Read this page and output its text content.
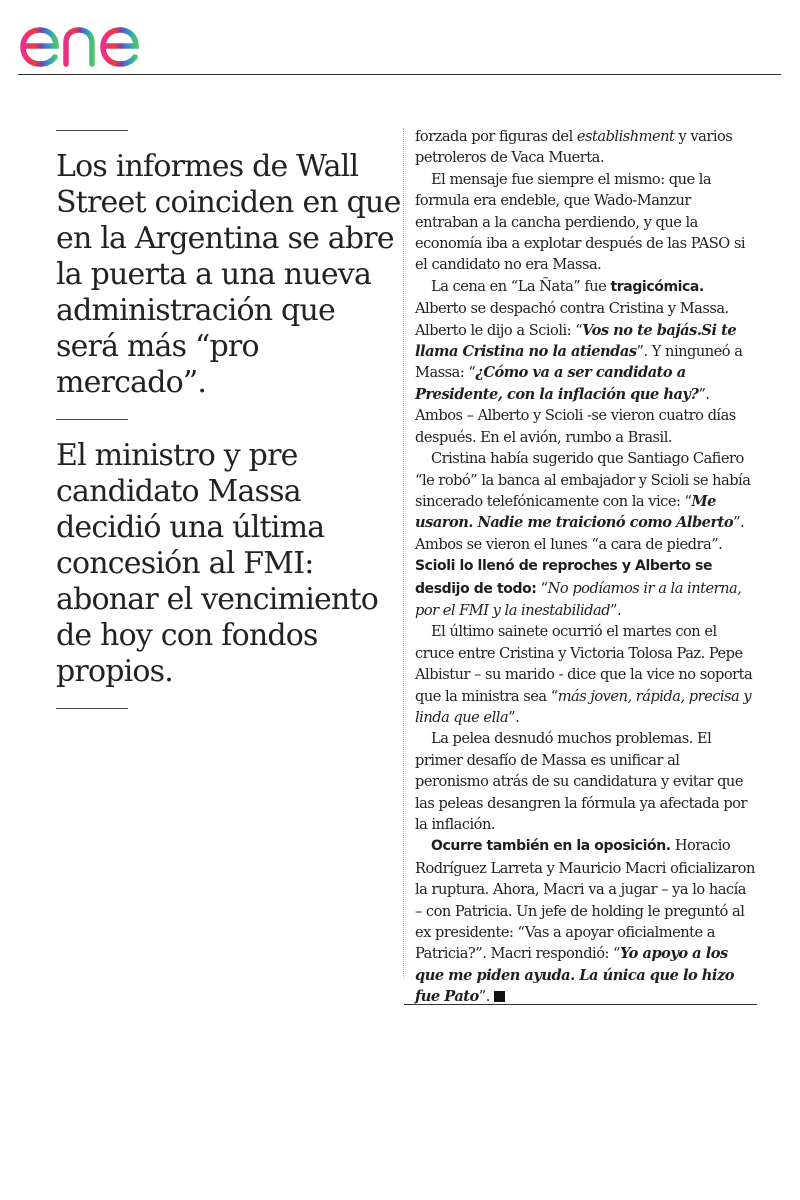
Los informes de Wall Street coinciden en que en la Argentina se abre la puerta a una nueva administración que será más “pro mercado”.

El ministro y pre candidato Massa decidió una última concesión al FMI: abonar el vencimiento de hoy con fondos propios.

forzada por figuras del establishment y varios petroleros de Vaca Muerta.

El mensaje fue siempre el mismo: que la formula era endeble, que Wado-Manzur entraban a la cancha perdiendo, y que la economía iba a explotar después de las PASO si el candidato no era Massa.

La cena en “La Ñata” fue tragicómica. Alberto se despachó contra Cristina y Massa. Alberto le dijo a Scioli: “Vos no te bajás.Si te llama Cristina no la atiendas”. Y ninguneó a Massa: “¿Cómo va a ser candidato a Presidente, con la inflación que hay?”. Ambos – Alberto y Scioli -se vieron cuatro días después. En el avión, rumbo a Brasil.

Cristina había sugerido que Santiago Cafiero “le robó” la banca al embajador y Scioli se había sincerado telefónicamente con la vice: “Me usaron. Nadie me traicionó como Alberto”. Ambos se vieron el lunes “a cara de piedra”. Scioli lo llenó de reproches y Alberto se desdijo de todo: “No podíamos ir a la interna, por el FMI y la inestabilidad”.

El último sainete ocurrió el martes con el cruce entre Cristina y Victoria Tolosa Paz. Pepe Albistur – su marido - dice que la vice no soporta que la ministra sea “más joven, rápida, precisa y linda que ella”.

La pelea desnudó muchos problemas. El primer desafío de Massa es unificar al peronismo atrás de su candidatura y evitar que las peleas desangren la fórmula ya afectada por la inflación.

Ocurre también en la oposición. Horacio Rodríguez Larreta y Mauricio Macri oficializaron la ruptura. Ahora, Macri va a jugar – ya lo hacía – con Patricia. Un jefe de holding le preguntó al ex presidente: “Vas a apoyar oficialmente a Patricia?”. Macri respondió: “Yo apoyo a los que me piden ayuda. La única que lo hizo fue Pato”.
